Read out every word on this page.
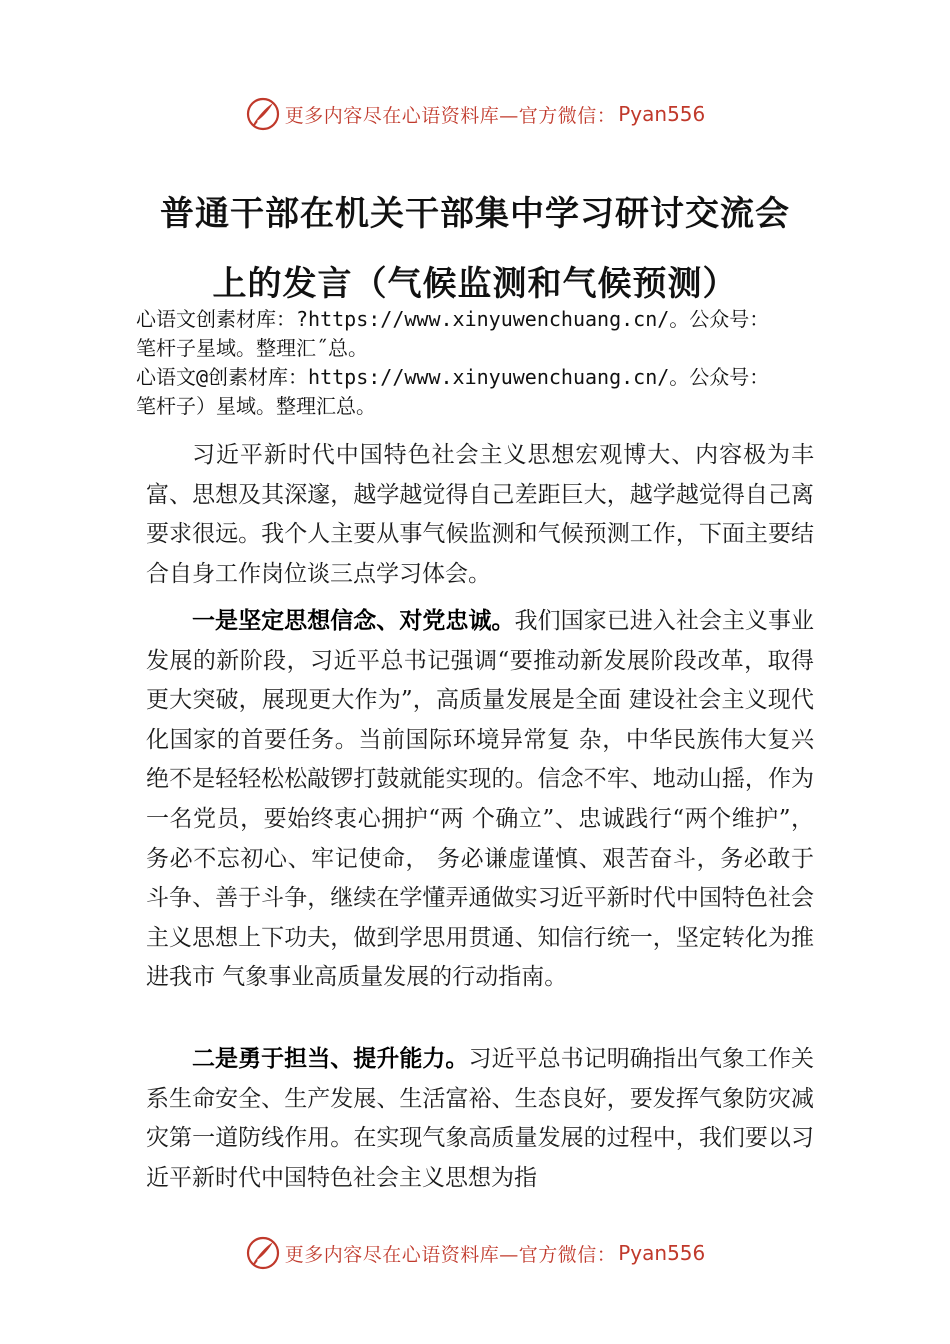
更多内容尽在心语资料库—官方微信： Pyan556
普通干部在机关干部集中学习研讨交流会
上的发言（气候监测和气候预测）
心语文创素材库：?https://www.xinyuwenchuang.cn/。公众号：
笔杆子星域。整理汇˝总。
心语文@创素材库：https://www.xinyuwenchuang.cn/。公众号：
笔杆子）星域。整理汇总。

习近平新时代中国特色社会主义思想宏观博大、内容极为丰富、思想及其深邃，越学越觉得自己差距巨大，越学越觉得自己离要求很远。我个人主要从事气候监测和气候预测工作，下面主要结合自身工作岗位谈三点学习体会。

一是坚定思想信念、对党忠诚。我们国家已进入社会主义事业发展的新阶段，习近平总书记强调“要推动新发展阶段改革，取得更大突破，展现更大作为”，高质量发展是全面 建设社会主义现代化国家的首要任务。当前国际环境异常复 杂，中华民族伟大复兴绝不是轻轻松松敲锣打鼓就能实现的。信念不牢、地动山摇，作为一名党员，要始终衷心拥护“两 个确立”、忠诚践行“两个维护”，务必不忘初心、牢记使命， 务必谦虚谨慎、艰苦奋斗，务必敢于斗争、善于斗争，继续在学懂弄通做实习近平新时代中国特色社会主义思想上下功夫，做到学思用贯通、知信行统一，坚定转化为推进我市 气象事业高质量发展的行动指南。

二是勇于担当、提升能力。习近平总书记明确指出气象工作关系生命安全、生产发展、生活富裕、生态良好，要发挥气象防灾减灾第一道防线作用。在实现气象高质量发展的过程中，我们要以习近平新时代中国特色社会主义思想为指

更多内容尽在心语资料库—官方微信： Pyan556
